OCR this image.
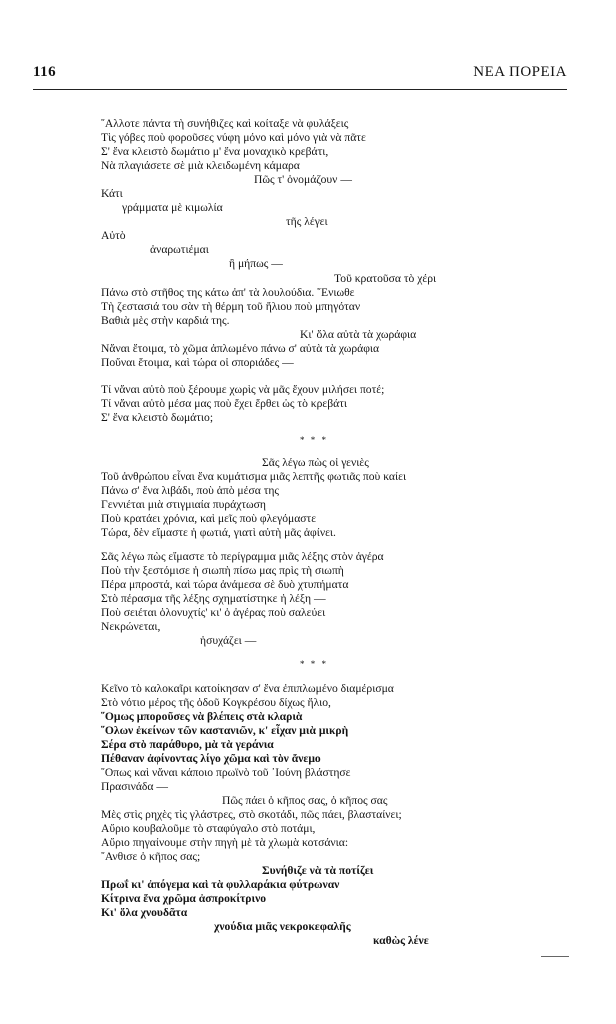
116	ΝΕΑ ΠΟΡΕΙΑ
῞Αλλοτε πάντα τὴ συνήθιζες καὶ κοίταξε νὰ φυλάξεις
Τὶς γόβες ποὺ φοροῦσες νύφη μόνο καὶ μόνο γιὰ νὰ πᾶτε
Σ' ἕνα κλειστὸ δωμάτιο μ' ἕνα μοναχικὸ κρεβάτι,
Νὰ πλαγιάσετε σὲ μιὰ κλειδωμένη κάμαρα
Πῶς τ' ὀνομάζουν —
Κάτι
γράμματα μὲ κιμωλία
τῆς λέγει
Αὐτὸ
ἀναρωτιέμαι
ἢ μήπως —
Τοῦ κρατοῦσα τὸ χέρι
Πάνω στὸ στῆθος της κάτω ἀπ' τὰ λουλούδια. ῞Ενιωθε
Τὴ ζεστασιά του σὰν τὴ θέρμη τοῦ ἥλιου ποὺ μπηγόταν
Βαθιὰ μὲς στὴν καρδιά της.
Κι' ὅλα αὐτὰ τὰ χωράφια
Νἄναι ἕτοιμα, τὸ χῶμα ἁπλωμένο πάνω σ' αὐτὰ τὰ χωράφια
Ποὔναι ἕτοιμα, καὶ τώρα οἱ σποριάδες —
Τί νἄναι αὐτὸ ποὺ ξέρουμε χωρὶς νὰ μᾶς ἔχουν μιλήσει ποτέ;
Τί νἄναι αὐτὸ μέσα μας ποὺ ἔχει ἔρθει ὡς τὸ κρεβάτι
Σ' ἕνα κλειστὸ δωμάτιο;
* * *
Σᾶς λέγω πὼς οἱ γενιὲς
Τοῦ ἀνθρώπου εἶναι ἕνα κυμάτισμα μιᾶς λεπτῆς φωτιᾶς ποὺ καίει
Πάνω σ' ἕνα λιβάδι, ποὺ ἀπὸ μέσα της
Γεννιέται μιὰ στιγμιαία πυράχτωση
Ποὺ κρατάει χρόνια, καὶ μεῖς ποὺ φλεγόμαστε
Τώρα, δὲν εἴμαστε ἡ φωτιά, γιατὶ αὐτὴ μᾶς ἀφίνει.
Σᾶς λέγω πὼς εἴμαστε τὸ περίγραμμα μιᾶς λέξης στὸν ἀγέρα
Ποὺ τὴν ξεστόμισε ἡ σιωπὴ πίσω μας πρὶς τὴ σιωπὴ
Πέρα μπροστά, καὶ τώρα ἀνάμεσα σὲ δυὸ χτυπήματα
Στὸ πέρασμα τῆς λέξης σχηματίστηκε ἡ λέξη —
Ποὺ σειέται ὁλονυχτίς' κι' ὁ ἀγέρας ποὺ σαλεύει
Νεκρώνεται,
ἡσυχάζει —
* * *
Κεῖνο τὸ καλοκαῖρι κατοίκησαν σ' ἕνα ἐπιπλωμένο διαμέρισμα
Στὸ νότιο μέρος τῆς ὁδοῦ Κογκρέσου δίχως ἥλιο,
῞Ομως μποροῦσες νὰ βλέπεις στὰ κλαριὰ
῞Ολων ἐκείνων τῶν καστανιῶν, κ' εἶχαν μιὰ μικρὴ
Σέρα στὸ παράθυρο, μὰ τὰ γεράνια
Πέθαναν ἀφίνοντας λίγο χῶμα καὶ τὸν ἄνεμο
῞Οπως καὶ νἄναι κάποιο πρωϊνὸ τοῦ ᾿Ιούνη βλάστησε
Πρασινάδα —
Πῶς πάει ὁ κῆπος σας, ὁ κῆπος σας
Μὲς στὶς ρηχὲς τὶς γλάστρες, στὸ σκοτάδι, πῶς πάει, βλασταίνει;
Αὔριο κουβαλοῦμε τὸ σταφύγαλο στὸ ποτάμι,
Αὔριο πηγαίνουμε στὴν πηγὴ μὲ τὰ χλωμὰ κοτσάνια:
῎Ανθισε ὁ κῆπος σας;
Συνήθιζε νὰ τὰ ποτίζει
Πρωΐ κι' ἀπόγεμα καὶ τὰ φυλλαράκια φύτρωναν
Κίτρινα ἕνα χρῶμα ἀσπροκίτρινο
Κι' ὅλα χνουδᾶτα
χνούδια μιᾶς νεκροκεφαλῆς
καθὼς λένε
